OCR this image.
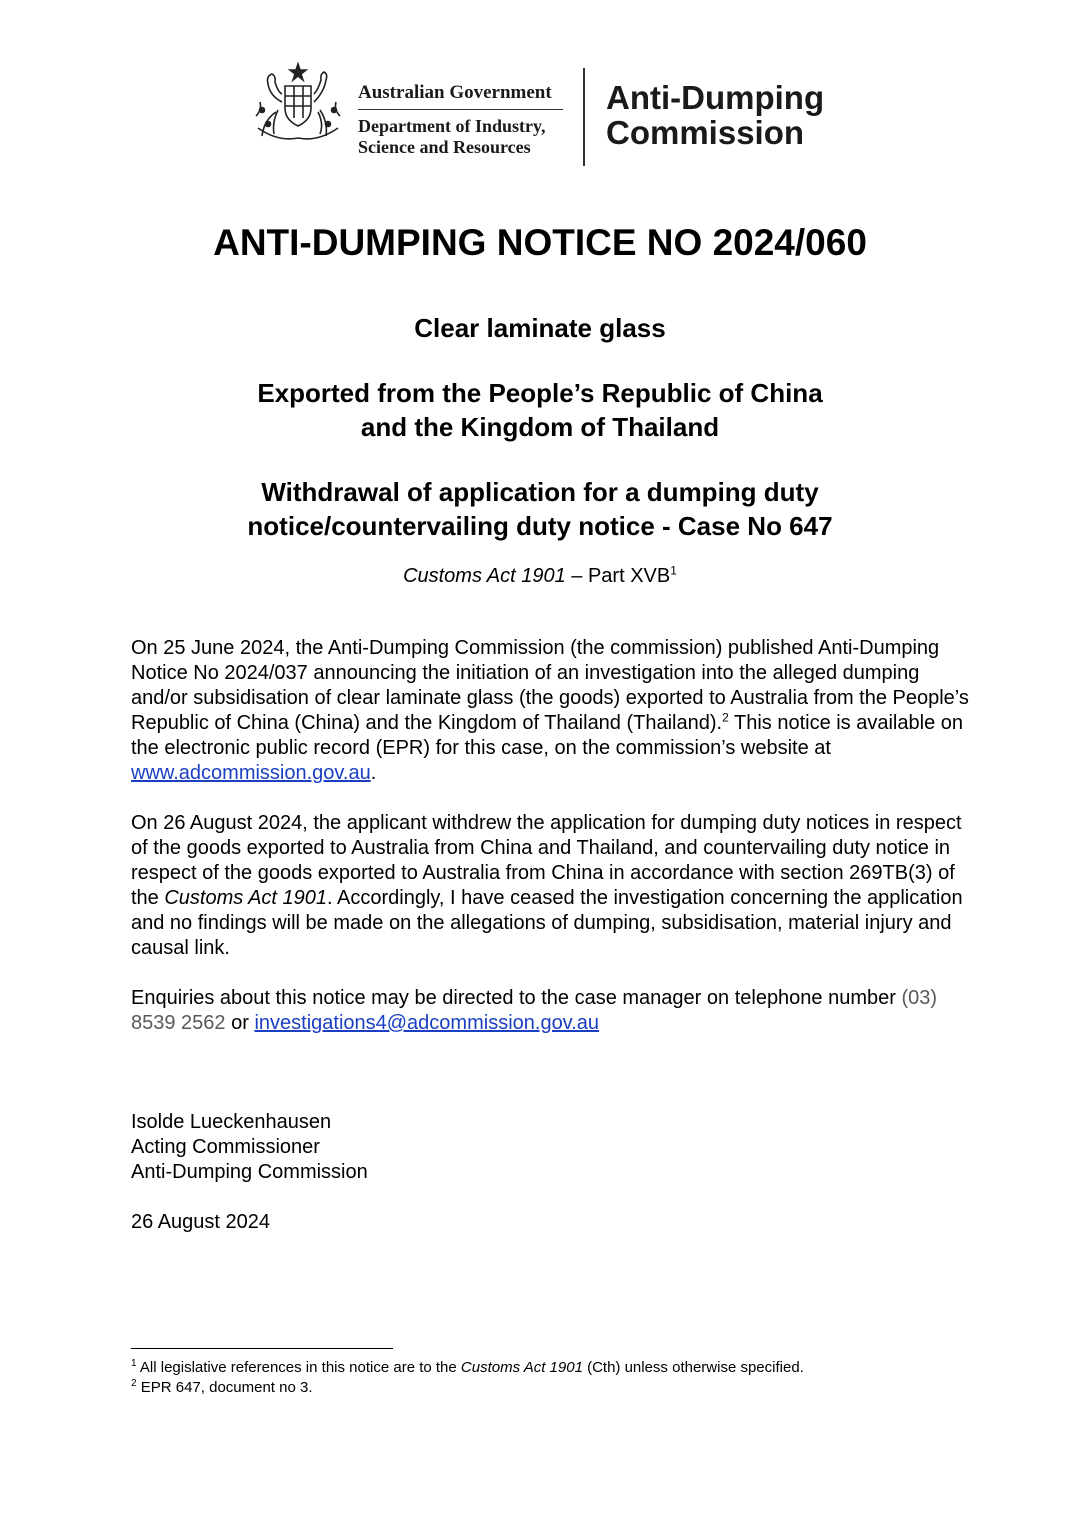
Australian Government
Department of Industry,
Science and Resources
Anti-Dumping
Commission
ANTI-DUMPING NOTICE NO 2024/060
Clear laminate glass
Exported from the People’s Republic of China
and the Kingdom of Thailand
Withdrawal of application for a dumping duty
notice/countervailing duty notice - Case No 647
Customs Act 1901 – Part XVB$^1$

On 25 June 2024, the Anti-Dumping Commission (the commission) published Anti-Dumping Notice No 2024/037 announcing the initiation of an investigation into the alleged dumping and/or subsidisation of clear laminate glass (the goods) exported to Australia from the People’s Republic of China (China) and the Kingdom of Thailand (Thailand).$^2$ This notice is available on the electronic public record (EPR) for this case, on the commission’s website at www.adcommission.gov.au.

On 26 August 2024, the applicant withdrew the application for dumping duty notices in respect of the goods exported to Australia from China and Thailand, and countervailing duty notice in respect of the goods exported to Australia from China in accordance with section 269TB(3) of the Customs Act 1901. Accordingly, I have ceased the investigation concerning the application and no findings will be made on the allegations of dumping, subsidisation, material injury and causal link.

Enquiries about this notice may be directed to the case manager on telephone number (03) 8539 2562 or investigations4@adcommission.gov.au

Isolde Lueckenhausen
Acting Commissioner
Anti-Dumping Commission
26 August 2024
$^1$ All legislative references in this notice are to the Customs Act 1901 (Cth) unless otherwise specified.
$^2$ EPR 647, document no 3.
